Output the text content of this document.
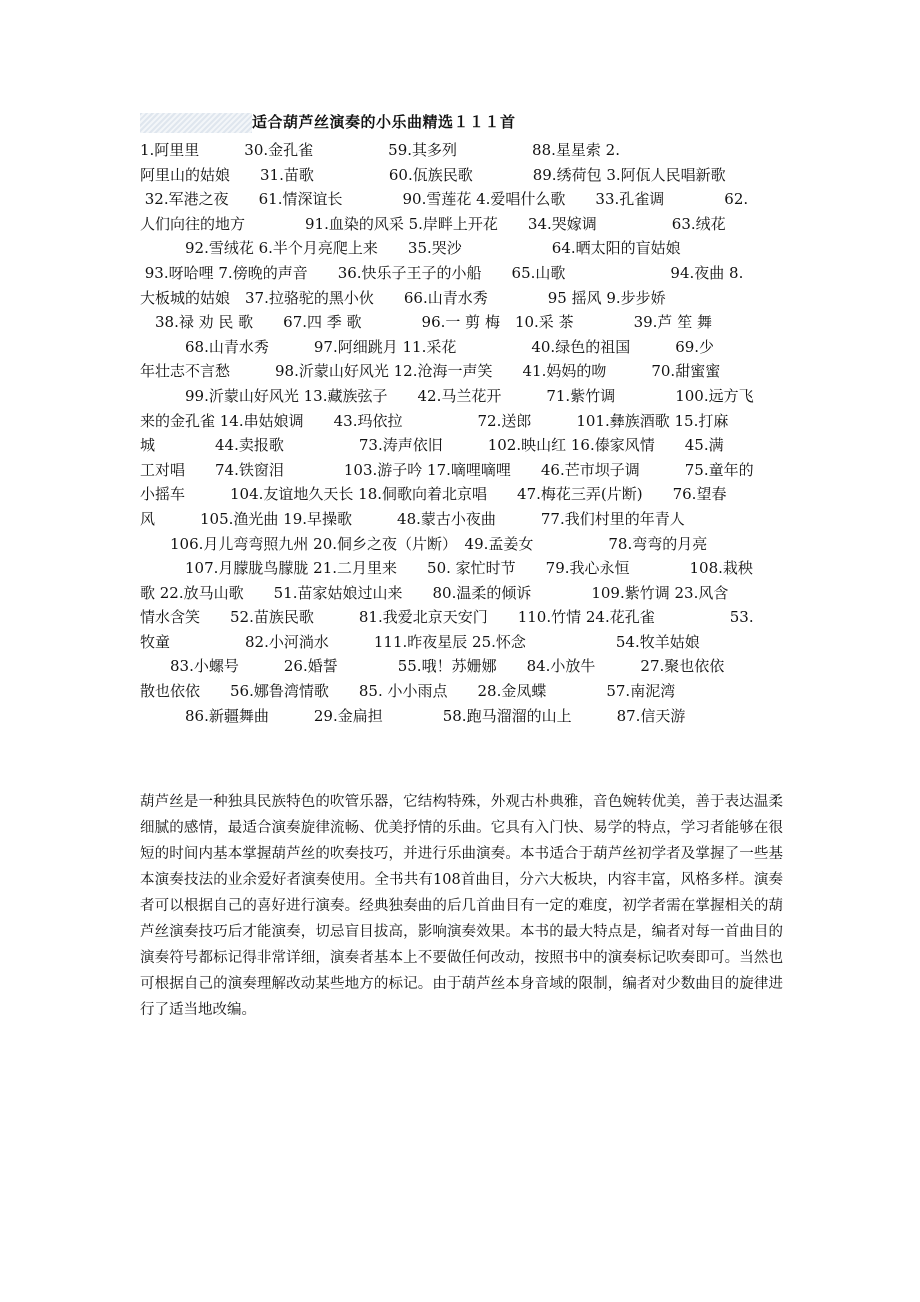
适合葫芦丝演奏的小乐曲精选１１１首
1.阿里里　　　30.金孔雀　　　　　59.其多列　　　　　88.星星索 2.
阿里山的姑娘　　31.苗歌　　　　　60.佤族民歌　　　　89.绣荷包 3.阿佤人民唱新歌
32.军港之夜　　61.情深谊长　　　　90.雪莲花 4.爱唱什么歌　　33.孔雀调　　　　62.
人们向往的地方　　　　91.血染的风采 5.岸畔上开花　　34.哭嫁调　　　　　63.绒花
　　　92.雪绒花 6.半个月亮爬上来　　35.哭沙　　　　　　64.晒太阳的盲姑娘
93.呀哈哩 7.傍晚的声音　　36.快乐子王子的小船　　65.山歌　　　　　　　94.夜曲 8.
大板城的姑娘　37.拉骆驼的黑小伙　　66.山青水秀　　　　95 摇风 9.步步娇
　38.禄 劝 民 歌　　67.四 季 歌　　　　96.一 剪 梅　10.采 茶　　　　39.芦 笙 舞
　　　68.山青水秀　　　97.阿细跳月 11.采花　　　　　40.绿色的祖国　　　69.少
年壮志不言愁　　　98.沂蒙山好风光 12.沧海一声笑　　41.妈妈的吻　　　70.甜蜜蜜
　　　99.沂蒙山好风光 13.藏族弦子　　42.马兰花开　　　71.紫竹调　　　　100.远方飞
来的金孔雀 14.串姑娘调　　43.玛依拉　　　　　72.送郎　　　101.彝族酒歌 15.打麻
城　　　　44.卖报歌　　　　　73.涛声依旧　　　102.映山红 16.傣家风情　　45.满
工对唱　　74.铁窗泪　　　　103.游子吟 17.嘀哩嘀哩　　46.芒市坝子调　　　75.童年的
小摇车　　　104.友谊地久天长 18.侗歌向着北京唱　　47.梅花三弄(片断)　　76.望春
风　　　105.渔光曲 19.早操歌　　　48.蒙古小夜曲　　　77.我们村里的年青人
　　106.月儿弯弯照九州 20.侗乡之夜（片断）　49.孟姜女　　　　　78.弯弯的月亮
　　　107.月朦胧鸟朦胧 21.二月里来　　50. 家忙时节　　79.我心永恒　　　　108.栽秧
歌 22.放马山歌　　51.苗家姑娘过山来　　80.温柔的倾诉　　　　109.紫竹调 23.风含
情水含笑　　52.苗族民歌　　　81.我爱北京天安门　　110.竹情 24.花孔雀　　　　　53.
牧童　　　　　82.小河淌水　　　111.昨夜星辰 25.怀念　　　　　　54.牧羊姑娘
　　83.小螺号　　　26.婚誓　　　　55.哦！苏姗娜　　84.小放牛　　　27.聚也依依
散也依依　　56.娜鲁湾情歌　　85. 小小雨点　　28.金凤蝶　　　　57.南泥湾
　　　86.新疆舞曲　　　29.金扁担　　　　58.跑马溜溜的山上　　　87.信天游

葫芦丝是一种独具民族特色的吹管乐器，它结构特殊，外观古朴典雅，音色婉转优美，善于表达温柔细腻的感情，最适合演奏旋律流畅、优美抒情的乐曲。它具有入门快、易学的特点，学习者能够在很短的时间内基本掌握葫芦丝的吹奏技巧，并进行乐曲演奏。本书适合于葫芦丝初学者及掌握了一些基本演奏技法的业余爱好者演奏使用。全书共有108首曲目，分六大板块，内容丰富，风格多样。演奏者可以根据自己的喜好进行演奏。经典独奏曲的后几首曲目有一定的难度，初学者需在掌握相关的葫芦丝演奏技巧后才能演奏，切忌盲目拔高，影响演奏效果。本书的最大特点是，编者对每一首曲目的演奏符号都标记得非常详细，演奏者基本上不要做任何改动，按照书中的演奏标记吹奏即可。当然也可根据自己的演奏理解改动某些地方的标记。由于葫芦丝本身音域的限制，编者对少数曲目的旋律进行了适当地改编。
